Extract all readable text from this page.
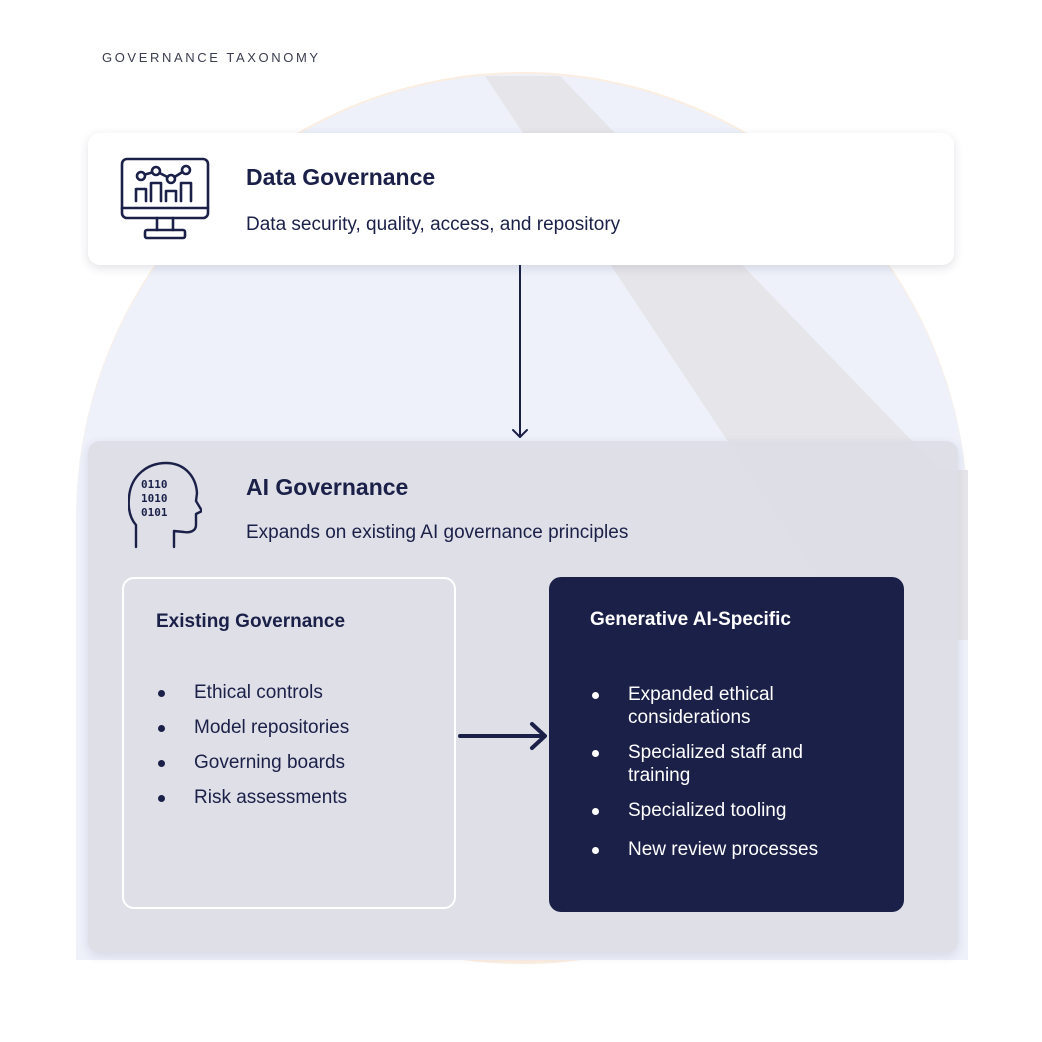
GOVERNANCE TAXONOMY
Data Governance
Data security, quality, access, and repository
0110
1010
0101
AI Governance
Expands on existing AI governance principles
Existing Governance
Ethical controls
Model repositories
Governing boards
Risk assessments
Generative AI-Specific
Expanded ethical considerations
Specialized staff and training
Specialized tooling
New review processes
